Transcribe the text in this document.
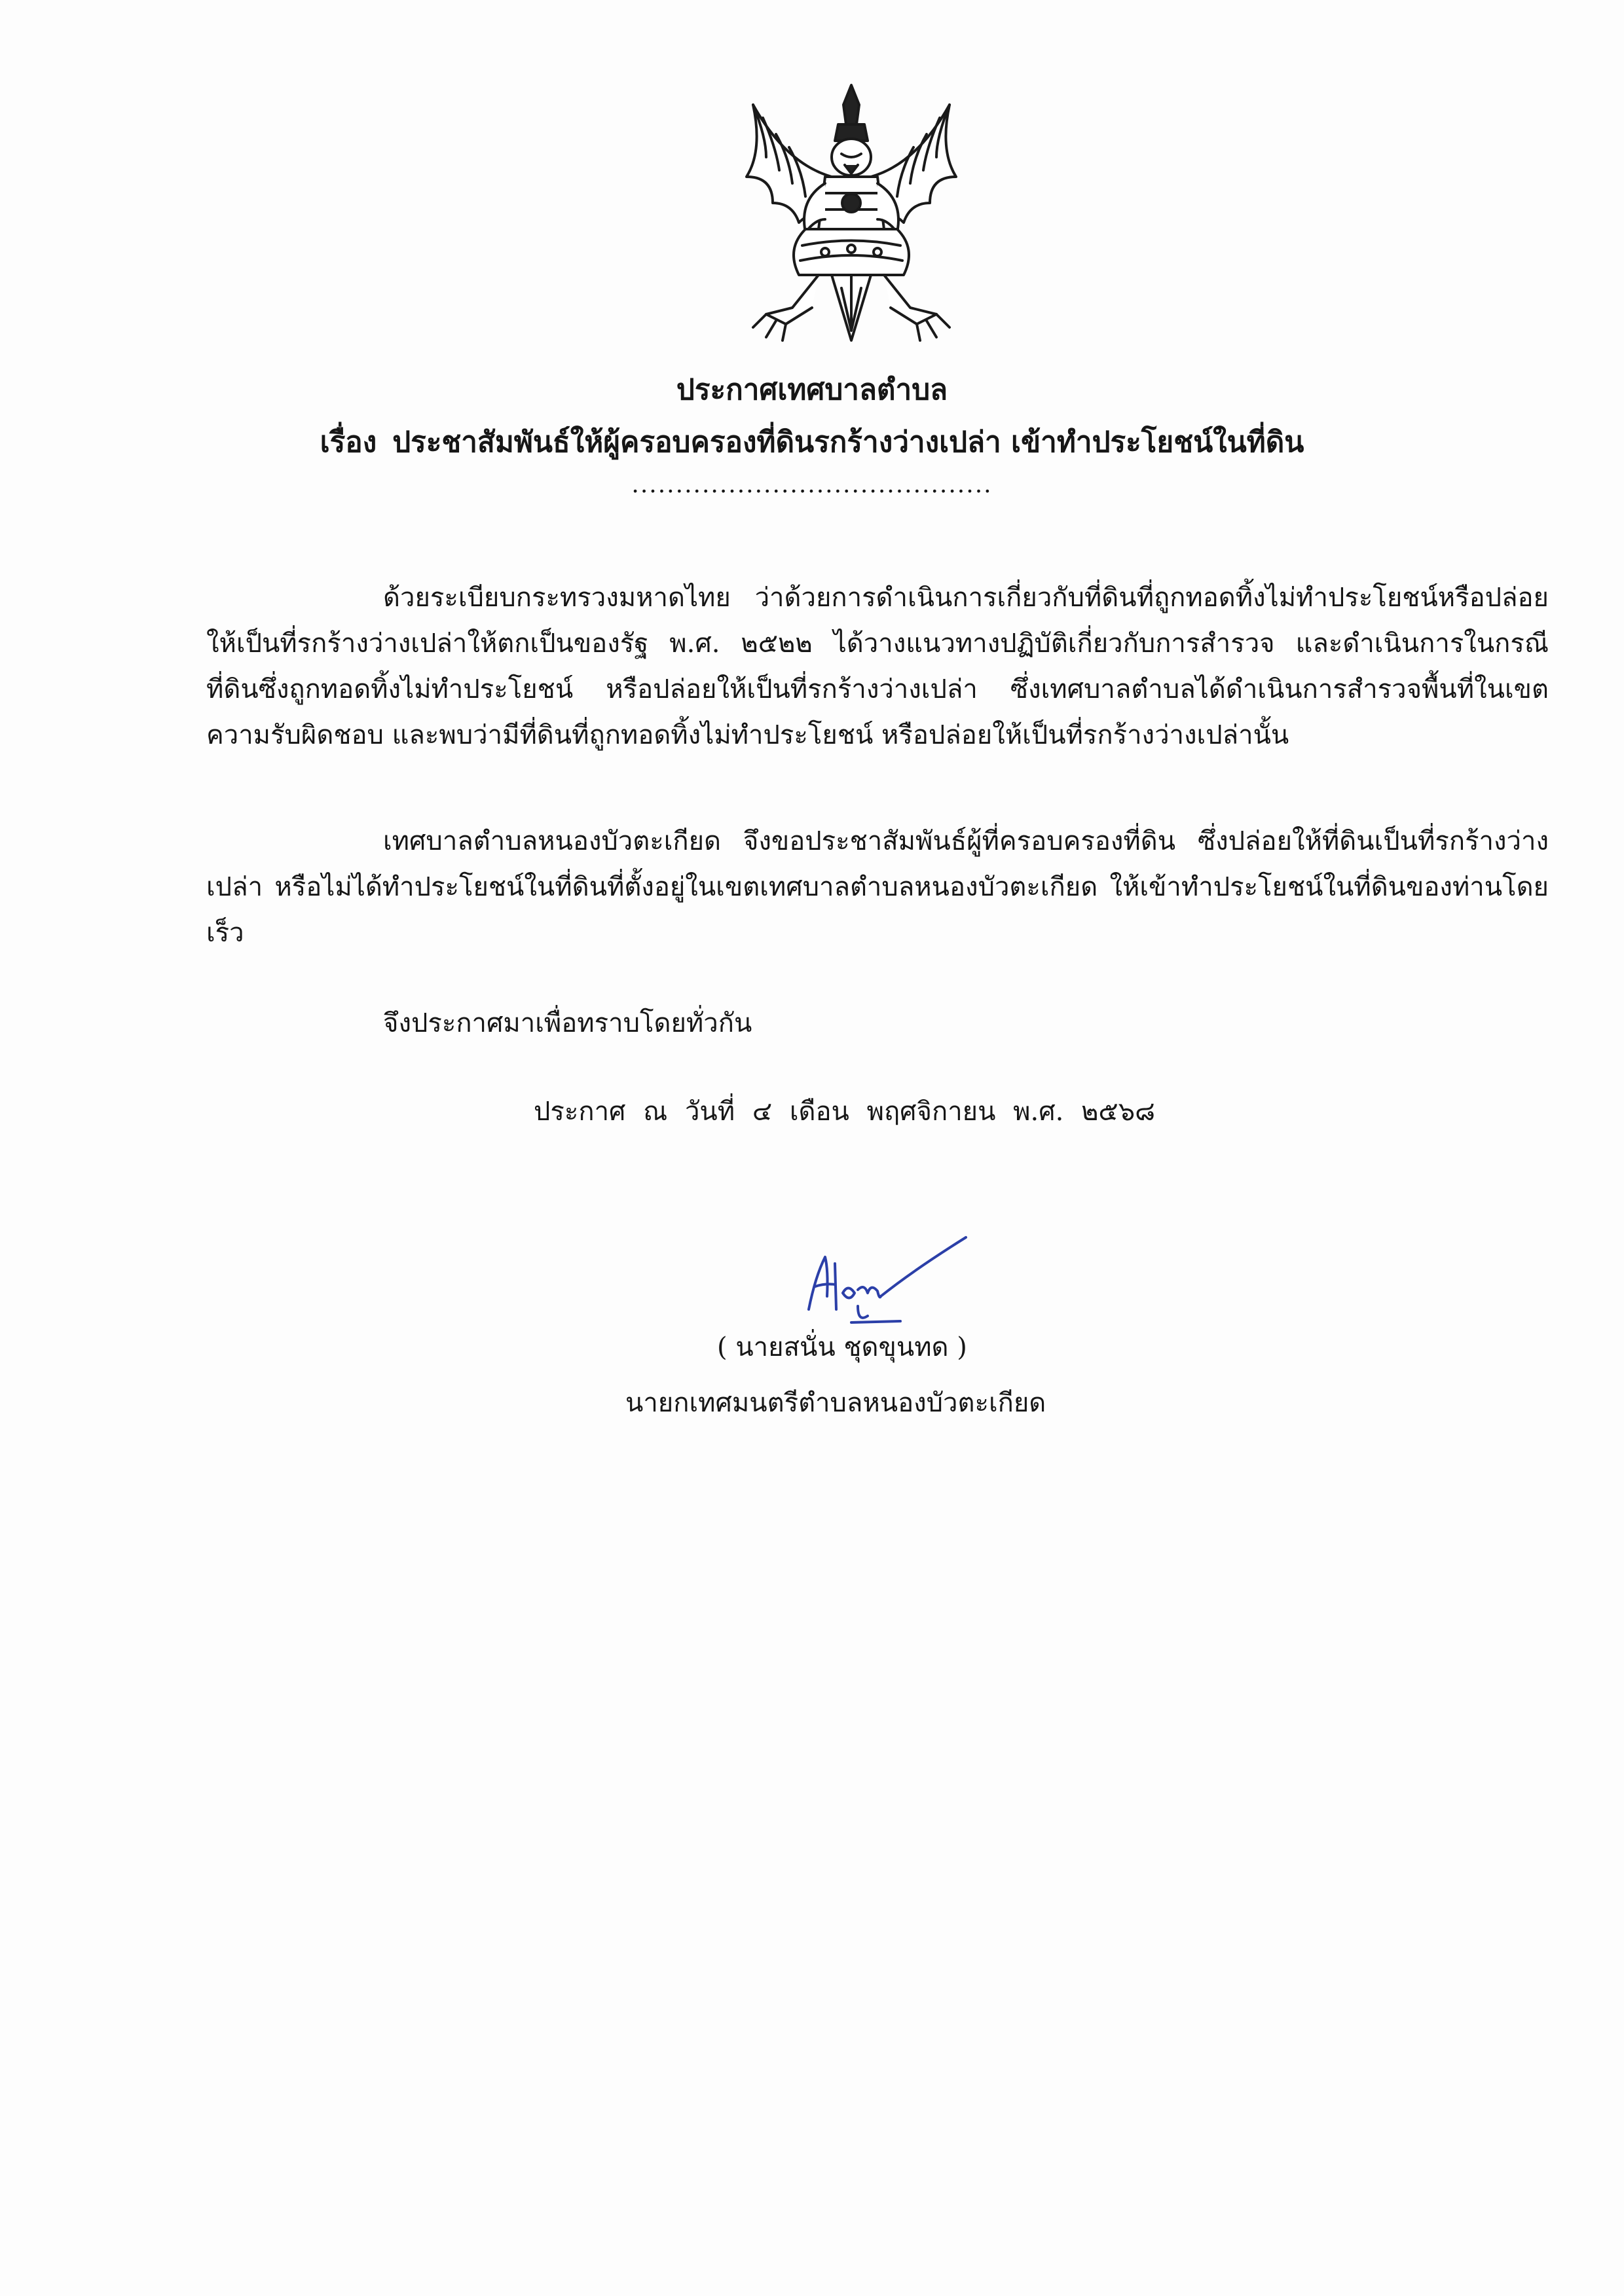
ประกาศเทศบาลตำบล
เรื่อง ประชาสัมพันธ์ให้ผู้ครอบครองที่ดินรกร้างว่างเปล่า เข้าทำประโยชน์ในที่ดิน
.........................................
ด้วยระเบียบกระทรวงมหาดไทย ว่าด้วยการดำเนินการเกี่ยวกับที่ดินที่ถูกทอดทิ้งไม่ทำประโยชน์หรือปล่อยให้เป็นที่รกร้างว่างเปล่าให้ตกเป็นของรัฐ พ.ศ. ๒๕๒๒ ได้วางแนวทางปฏิบัติเกี่ยวกับการสำรวจ และดำเนินการในกรณีที่ดินซึ่งถูกทอดทิ้งไม่ทำประโยชน์ หรือปล่อยให้เป็นที่รกร้างว่างเปล่า ซึ่งเทศบาลตำบลได้ดำเนินการสำรวจพื้นที่ในเขตความรับผิดชอบ และพบว่ามีที่ดินที่ถูกทอดทิ้งไม่ทำประโยชน์ หรือปล่อยให้เป็นที่รกร้างว่างเปล่านั้น
เทศบาลตำบลหนองบัวตะเกียด จึงขอประชาสัมพันธ์ผู้ที่ครอบครองที่ดิน ซึ่งปล่อยให้ที่ดินเป็นที่รกร้างว่างเปล่า หรือไม่ได้ทำประโยชน์ในที่ดินที่ตั้งอยู่ในเขตเทศบาลตำบลหนองบัวตะเกียด ให้เข้าทำประโยชน์ในที่ดินของท่านโดยเร็ว
จึงประกาศมาเพื่อทราบโดยทั่วกัน
ประกาศ ณ วันที่ ๔ เดือน พฤศจิกายน พ.ศ. ๒๕๖๘
( นายสนั่น ชุดขุนทด )
นายกเทศมนตรีตำบลหนองบัวตะเกียด
